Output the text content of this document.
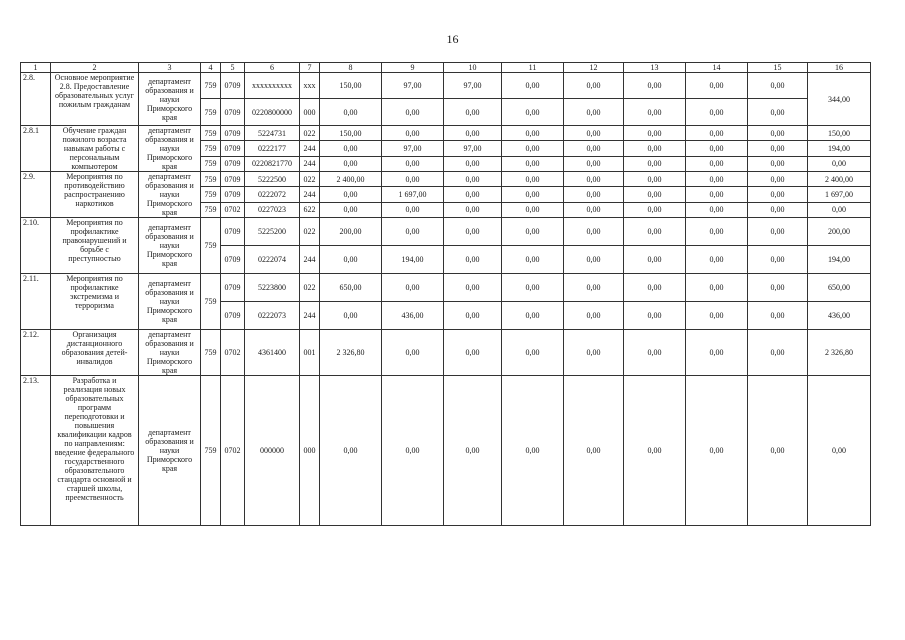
16
1	2	3	4	5	6	7	8	9	10	11	12	13	14	15	16
2.8.	Основное мероприятие 2.8. Предоставление образовательных услуг пожилым гражданам	департамент образования и науки Приморского края	759	0709	xxxxxxxxxx	xxx	150,00	97,00	97,00	0,00	0,00	0,00	0,00	0,00	344,00
			759	0709	0220800000	000	0,00	0,00	0,00	0,00	0,00	0,00	0,00	0,00	
2.8.1	Обучение граждан пожилого возраста навыкам работы с персональным компьютером	департамент образования и науки Приморского края	759	0709	5224731	022	150,00	0,00	0,00	0,00	0,00	0,00	0,00	0,00	150,00
			759	0709	0222177	244	0,00	97,00	97,00	0,00	0,00	0,00	0,00	0,00	194,00
			759	0709	0220821770	244	0,00	0,00	0,00	0,00	0,00	0,00	0,00	0,00	0,00
2.9.	Мероприятия по противодействию распространению наркотиков	департамент образования и науки Приморского края	759	0709	5222500	022	2 400,00	0,00	0,00	0,00	0,00	0,00	0,00	0,00	2 400,00
			759	0709	0222072	244	0,00	1 697,00	0,00	0,00	0,00	0,00	0,00	0,00	1 697,00
			759	0702	0227023	622	0,00	0,00	0,00	0,00	0,00	0,00	0,00	0,00	0,00
2.10.	Мероприятия по профилактике правонарушений и борьбе с преступностью	департамент образования и науки Приморского края	759	0709	5225200	022	200,00	0,00	0,00	0,00	0,00	0,00	0,00	0,00	200,00
				0709	0222074	244	0,00	194,00	0,00	0,00	0,00	0,00	0,00	0,00	194,00
2.11.	Мероприятия по профилактике экстремизма и терроризма	департамент образования и науки Приморского края	759	0709	5223800	022	650,00	0,00	0,00	0,00	0,00	0,00	0,00	0,00	650,00
				0709	0222073	244	0,00	436,00	0,00	0,00	0,00	0,00	0,00	0,00	436,00
2.12.	Организация дистанционного образования детей-инвалидов	департамент образования и науки Приморского края	759	0702	4361400	001	2 326,80	0,00	0,00	0,00	0,00	0,00	0,00	0,00	2 326,80
2.13.	Разработка и реализация новых образовательных программ переподготовки и повышения квалификации кадров по направлениям: введение федерального государственного образовательного стандарта основной и старшей школы, преемственность	департамент образования и науки Приморского края	759	0702	000000	000	0,00	0,00	0,00	0,00	0,00	0,00	0,00	0,00	0,00
